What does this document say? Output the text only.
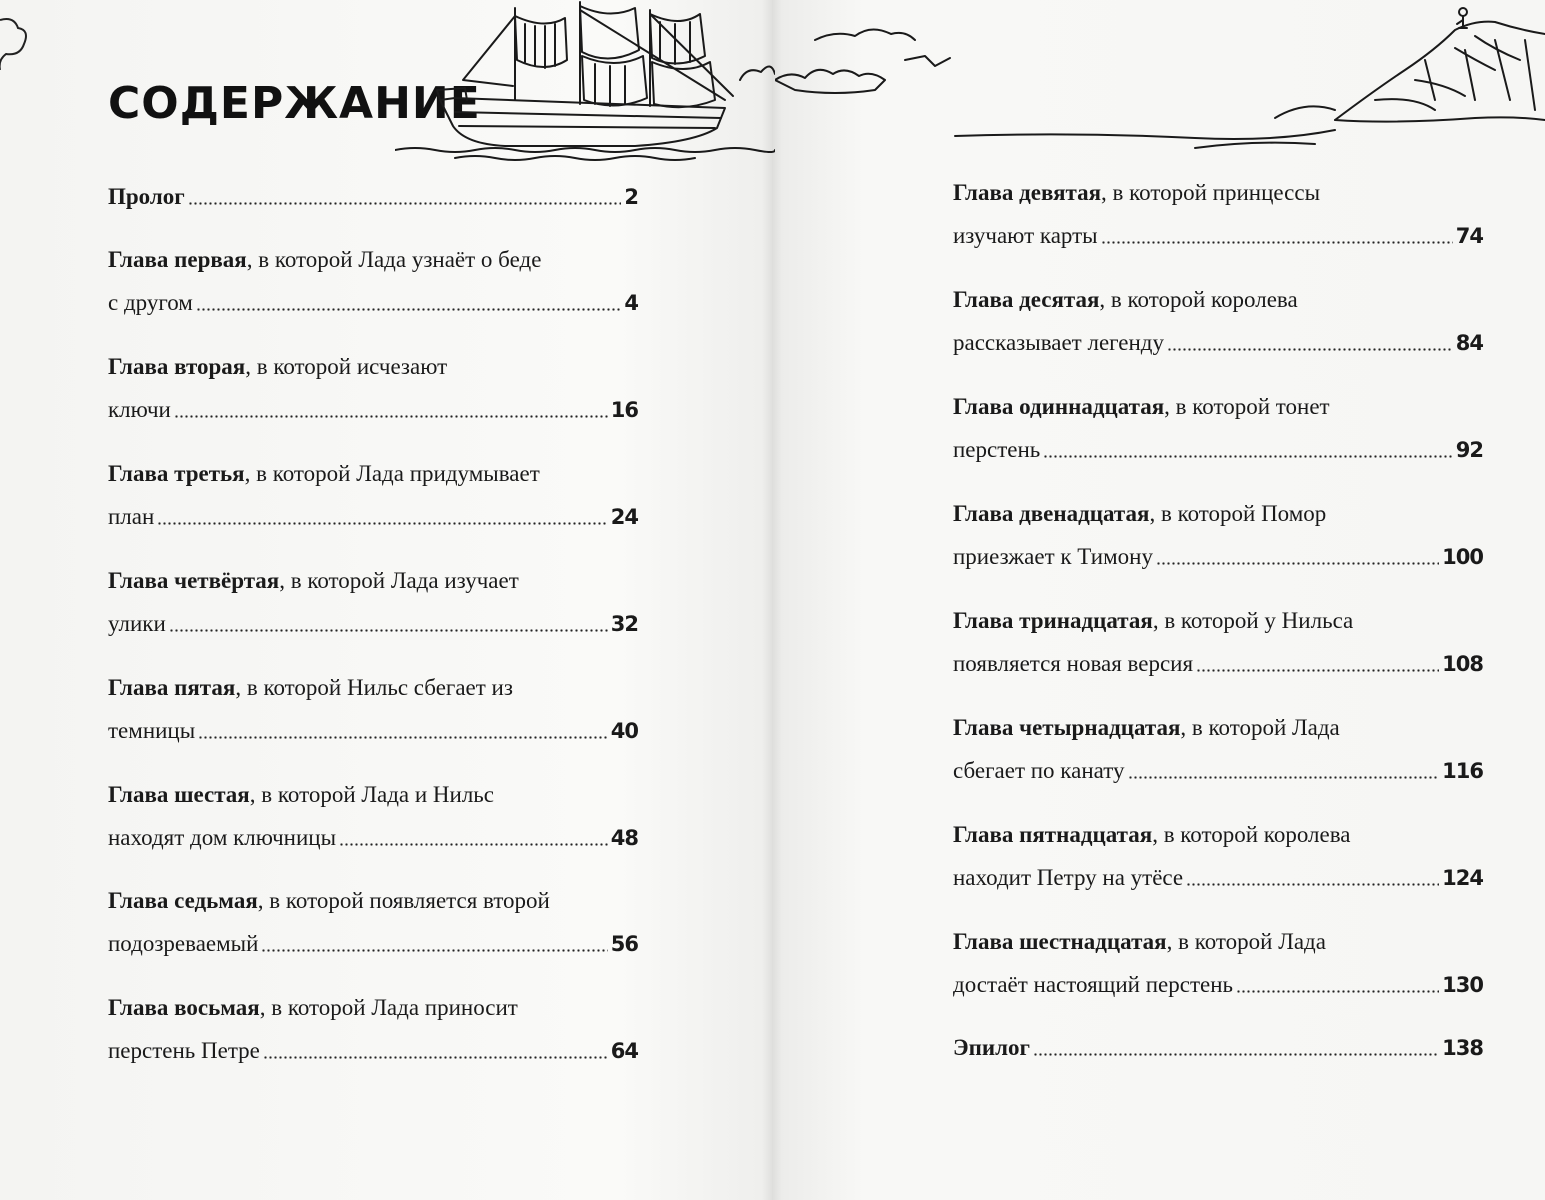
СОДЕРЖАНИЕ
Пролог	2
Глава первая , в которой Лада узнаёт о беде
с другом	4
Глава вторая , в которой исчезают
ключи	16
Глава третья , в которой Лада придумывает
план	24
Глава четвёртая , в которой Лада изучает
улики	32
Глава пятая , в которой Нильс сбегает из
темницы	40
Глава шестая , в которой Лада и Нильс
находят дом ключницы	48
Глава седьмая , в которой появляется второй
подозреваемый	56
Глава восьмая , в которой Лада приносит
перстень Петре	64
Глава девятая , в которой принцессы
изучают карты	74
Глава десятая , в которой королева
рассказывает легенду	84
Глава одиннадцатая , в которой тонет
перстень	92
Глава двенадцатая , в которой Помор
приезжает к Тимону	100
Глава тринадцатая , в которой у Нильса
появляется новая версия	108
Глава четырнадцатая , в которой Лада
сбегает по канату	116
Глава пятнадцатая , в которой королева
находит Петру на утёсе	124
Глава шестнадцатая , в которой Лада
достаёт настоящий перстень	130
Эпилог	138
